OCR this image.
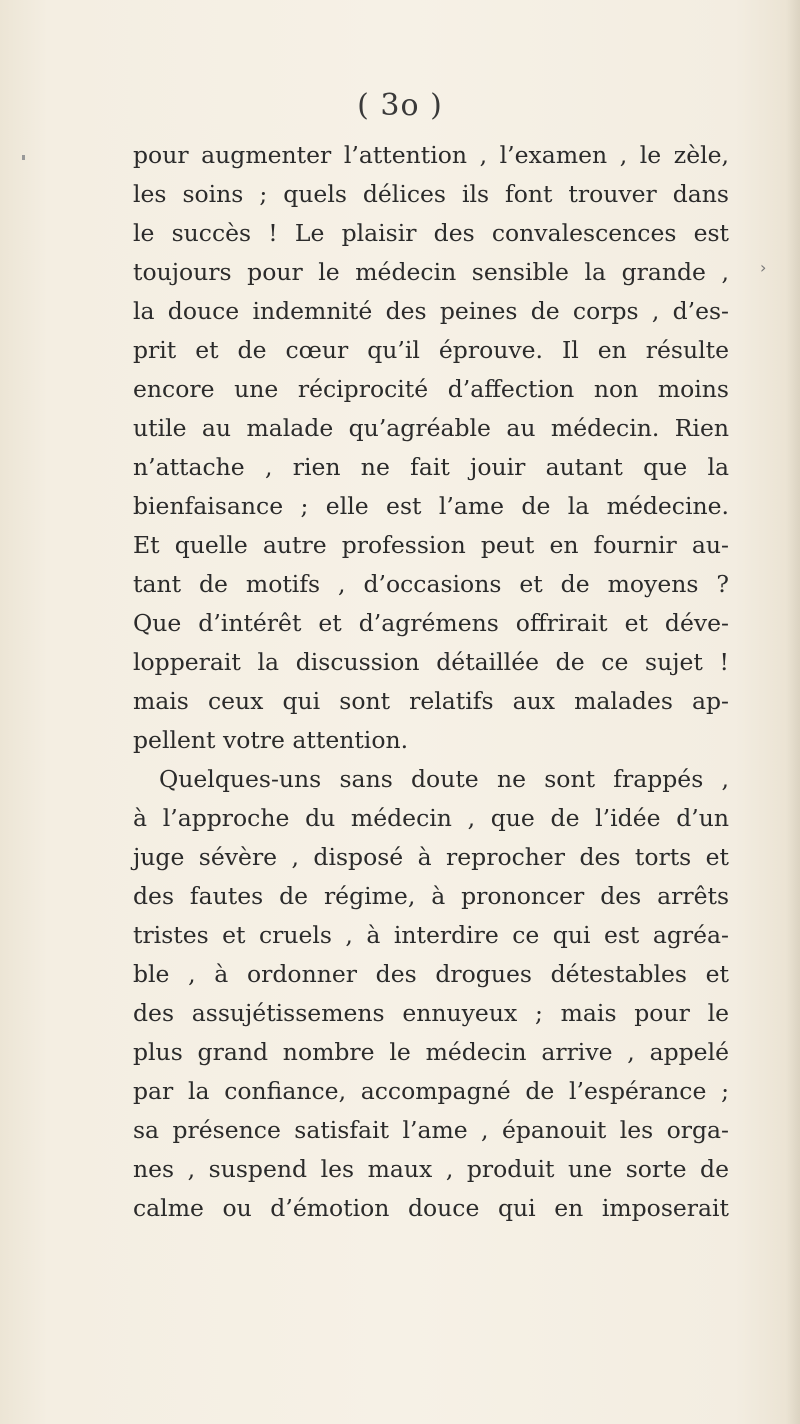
( 3o )
›
pour augmenter l’attention , l’examen , le zèle,
les soins ; quels délices ils font trouver dans
le succès ! Le plaisir des convalescences est
toujours pour le médecin sensible la grande ,
la douce indemnité des peines de corps , d’es-
prit et de cœur qu’il éprouve. Il en résulte
encore une réciprocité d’affection non moins
utile au malade qu’agréable au médecin. Rien
n’attache , rien ne fait jouir autant que la
bienfaisance ; elle est l’ame de la médecine.
Et quelle autre profession peut en fournir au-
tant de motifs , d’occasions et de moyens ?
Que d’intérêt et d’agrémens offrirait et déve-
lopperait la discussion détaillée de ce sujet !
mais ceux qui sont relatifs aux malades ap-
pellent votre attention.
Quelques-uns sans doute ne sont frappés ,
à l’approche du médecin , que de l’idée d’un
juge sévère , disposé à reprocher des torts et
des fautes de régime, à prononcer des arrêts
tristes et cruels , à interdire ce qui est agréa-
ble , à ordonner des drogues détestables et
des assujétissemens ennuyeux ; mais pour le
plus grand nombre le médecin arrive , appelé
par la confiance, accompagné de l’espérance ;
sa présence satisfait l’ame , épanouit les orga-
nes , suspend les maux , produit une sorte de
calme ou d’émotion douce qui en imposerait
